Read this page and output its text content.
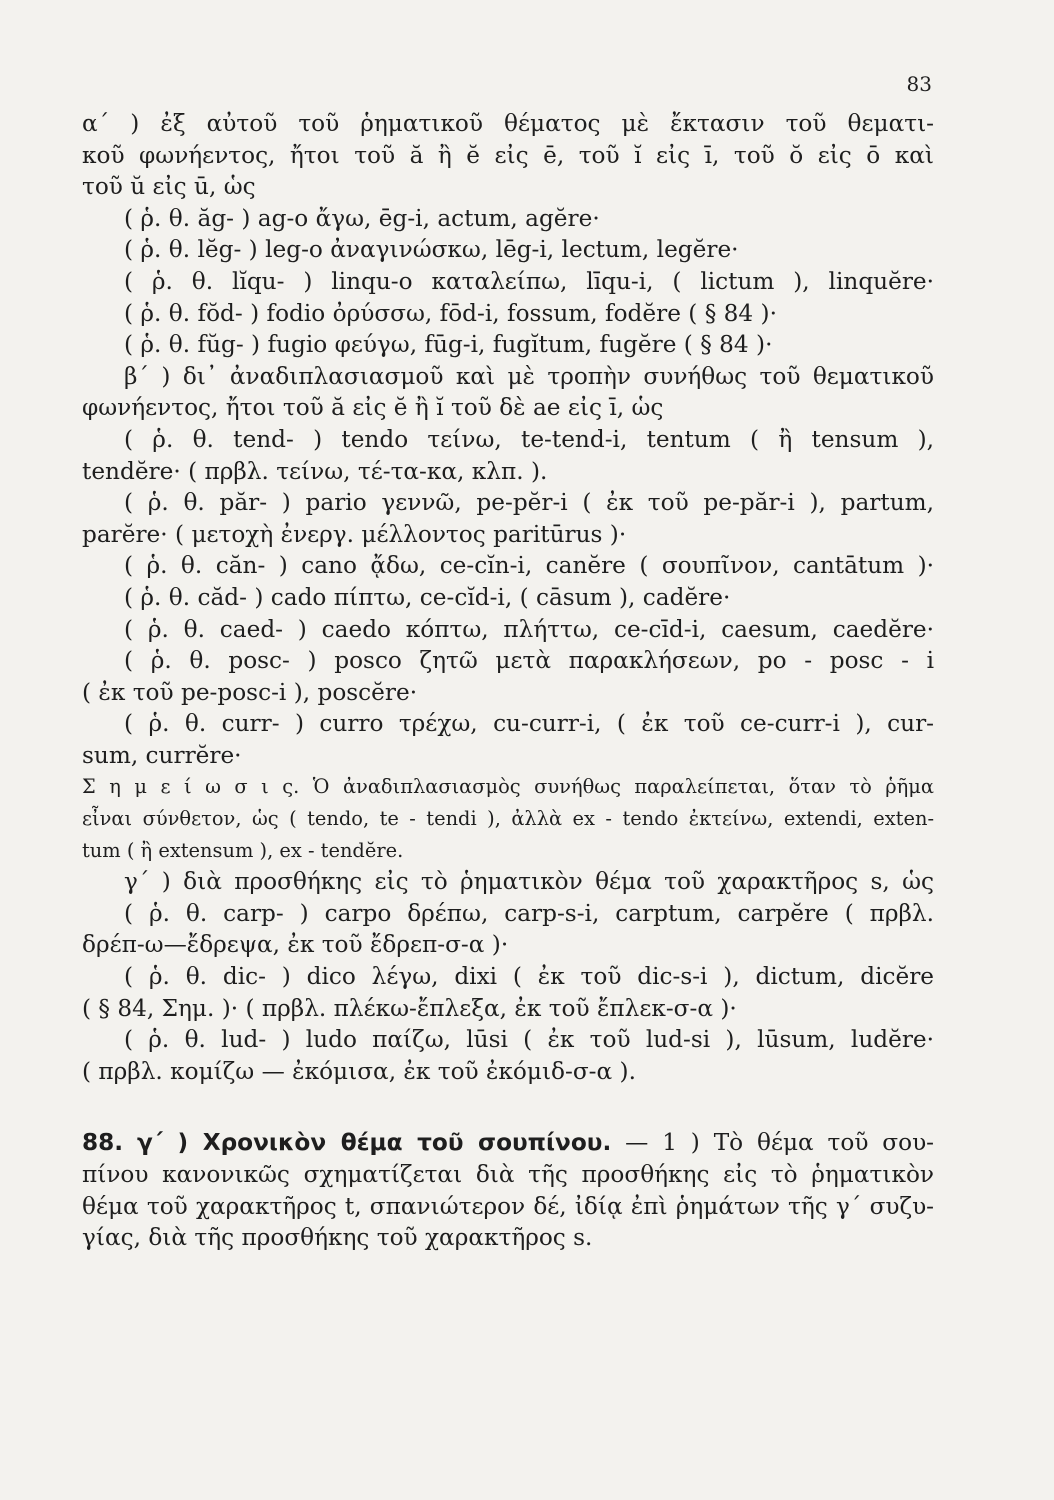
83
α΄ ) ἐξ αὐτοῦ τοῦ ῥηματικοῦ θέματος μὲ ἔκτασιν τοῦ θεματι-
κοῦ φωνήεντος, ἤτοι τοῦ ă ἢ ĕ εἰς ē, τοῦ ĭ εἰς ī, τοῦ ŏ εἰς ō καὶ
τοῦ ŭ εἰς ū, ὡς
( ῥ. θ. ăg- ) ag-o ἄγω, ēg-i, actum, agĕre·
( ῥ. θ. lĕg- ) leg-o ἀναγινώσκω, lēg-i, lectum, legĕre·
( ῥ. θ. lĭqu- ) linqu-o καταλείπω, līqu-i, ( lictum ), linquĕre·
( ῥ. θ. fŏd- ) fodio ὀρύσσω, fōd-i, fossum, fodĕre ( § 84 )·
( ῥ. θ. fŭg- ) fugio φεύγω, fūg-i, fugĭtum, fugĕre ( § 84 )·
β΄ ) δι᾽ ἀναδιπλασιασμοῦ καὶ μὲ τροπὴν συνήθως τοῦ θεματικοῦ
φωνήεντος, ἤτοι τοῦ ă εἰς ĕ ἢ ĭ τοῦ δὲ ae εἰς ī, ὡς
( ῥ. θ. tend- ) tendo τείνω, te-tend-i, tentum ( ἢ tensum ),
tendĕre· ( πρβλ. τείνω, τέ-τα-κα, κλπ. ).
( ῥ. θ. păr- ) pario γεννῶ, pe-pĕr-i ( ἐκ τοῦ pe-păr-i ), partum,
parĕre· ( μετοχὴ ἐνεργ. μέλλοντος paritūrus )·
( ῥ. θ. căn- ) cano ᾄδω, ce-cĭn-i, canĕre ( σουπῖνον, cantātum )·
( ῥ. θ. căd- ) cado πίπτω, ce-cĭd-i, ( cāsum ), cadĕre·
( ῥ. θ. caed- ) caedo κόπτω, πλήττω, ce-cīd-i, caesum, caedĕre·
( ῥ. θ. posc- ) posco ζητῶ μετὰ παρακλήσεων, po - posc - i
( ἐκ τοῦ pe-posc-i ), poscĕre·
( ῥ. θ. curr- ) curro τρέχω, cu-curr-i, ( ἐκ τοῦ ce-curr-i ), cur-
sum, currĕre·
Σ η μ ε ί ω σ ι ς. Ὁ ἀναδιπλασιασμὸς συνήθως παραλείπεται, ὅταν τὸ ῥῆμα
εἶναι σύνθετον, ὡς ( tendo, te - tendi ), ἀλλὰ ex - tendo ἐκτείνω, extendi, exten-
tum ( ἢ extensum ), ex - tendĕre.
γ΄ ) διὰ προσθήκης εἰς τὸ ῥηματικὸν θέμα τοῦ χαρακτῆρος s, ὡς
( ῥ. θ. carp- ) carpo δρέπω, carp-s-i, carptum, carpĕre ( πρβλ.
δρέπ-ω—ἔδρεψα, ἐκ τοῦ ἔδρεπ-σ-α )·
( ῥ. θ. dic- ) dico λέγω, dixi ( ἐκ τοῦ dic-s-i ), dictum, dicĕre
( § 84, Σημ. )· ( πρβλ. πλέκω-ἔπλεξα, ἐκ τοῦ ἔπλεκ-σ-α )·
( ῥ. θ. lud- ) ludo παίζω, lūsi ( ἐκ τοῦ lud-si ), lūsum, ludĕre·
( πρβλ. κομίζω — ἐκόμισα, ἐκ τοῦ ἐκόμιδ-σ-α ).
88. γ΄ ) Χρονικὸν θέμα τοῦ σουπίνου. — 1 ) Τὸ θέμα τοῦ σου-
πίνου κανονικῶς σχηματίζεται διὰ τῆς προσθήκης εἰς τὸ ῥηματικὸν
θέμα τοῦ χαρακτῆρος t, σπανιώτερον δέ, ἰδίᾳ ἐπὶ ῥημάτων τῆς γ΄ συζυ-
γίας, διὰ τῆς προσθήκης τοῦ χαρακτῆρος s.
